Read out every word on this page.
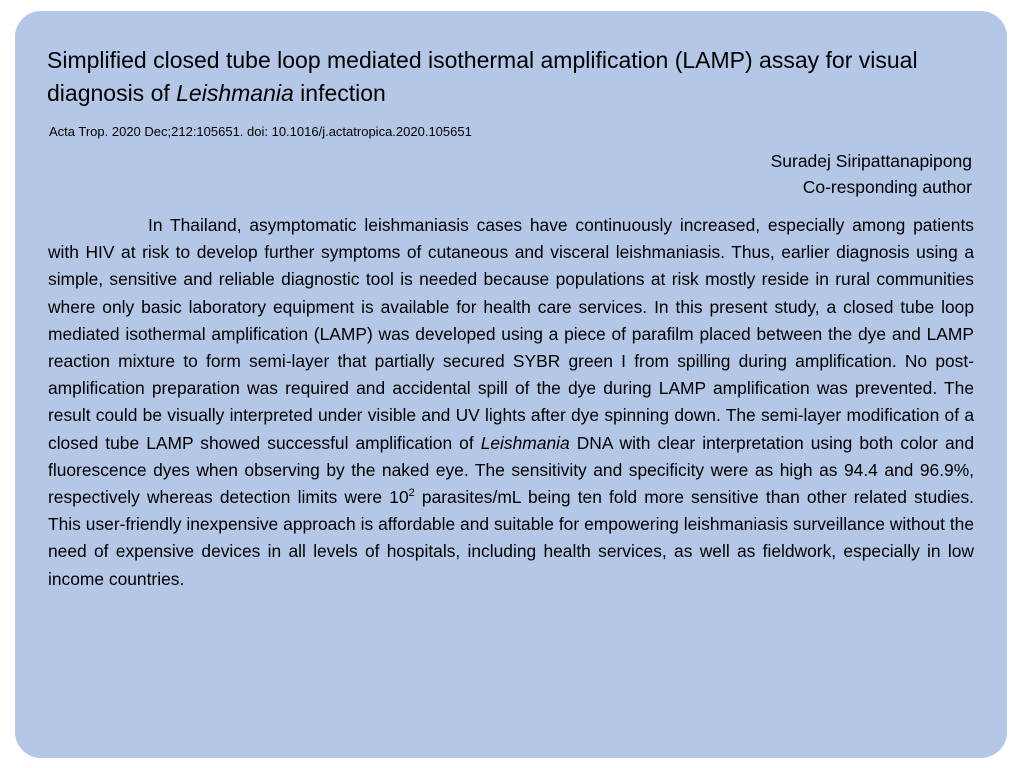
Simplified closed tube loop mediated isothermal amplification (LAMP) assay for visual diagnosis of Leishmania infection
Acta Trop. 2020 Dec;212:105651. doi: 10.1016/j.actatropica.2020.105651
Suradej Siripattanapipong
Co-responding author

In Thailand, asymptomatic leishmaniasis cases have continuously increased, especially among patients with HIV at risk to develop further symptoms of cutaneous and visceral leishmaniasis. Thus, earlier diagnosis using a simple, sensitive and reliable diagnostic tool is needed because populations at risk mostly reside in rural communities where only basic laboratory equipment is available for health care services. In this present study, a closed tube loop mediated isothermal amplification (LAMP) was developed using a piece of parafilm placed between the dye and LAMP reaction mixture to form semi-layer that partially secured SYBR green I from spilling during amplification. No post-amplification preparation was required and accidental spill of the dye during LAMP amplification was prevented. The result could be visually interpreted under visible and UV lights after dye spinning down. The semi-layer modification of a closed tube LAMP showed successful amplification of Leishmania DNA with clear interpretation using both color and fluorescence dyes when observing by the naked eye. The sensitivity and specificity were as high as 94.4 and 96.9%, respectively whereas detection limits were $10^2$ parasites/mL being ten fold more sensitive than other related studies. This user-friendly inexpensive approach is affordable and suitable for empowering leishmaniasis surveillance without the need of expensive devices in all levels of hospitals, including health services, as well as fieldwork, especially in low income countries.
